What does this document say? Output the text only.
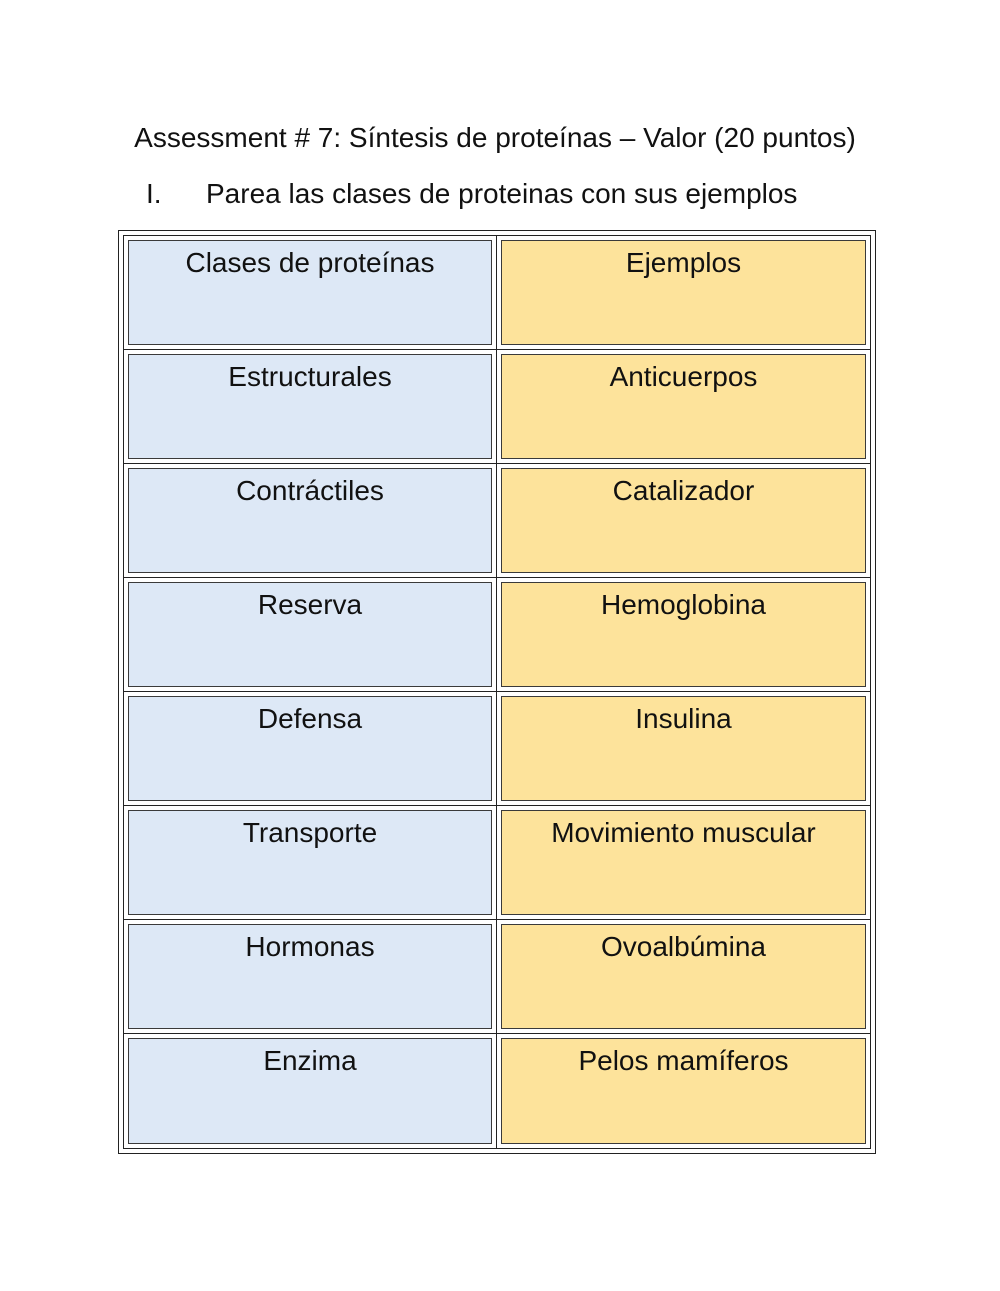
Assessment # 7: Síntesis de proteínas – Valor (20 puntos)
I. Parea las clases de proteinas con sus ejemplos
Clases de proteínas	Ejemplos
Estructurales	Anticuerpos
Contráctiles	Catalizador
Reserva	Hemoglobina
Defensa	Insulina
Transporte	Movimiento muscular
Hormonas	Ovoalbúmina
Enzima	Pelos mamíferos
